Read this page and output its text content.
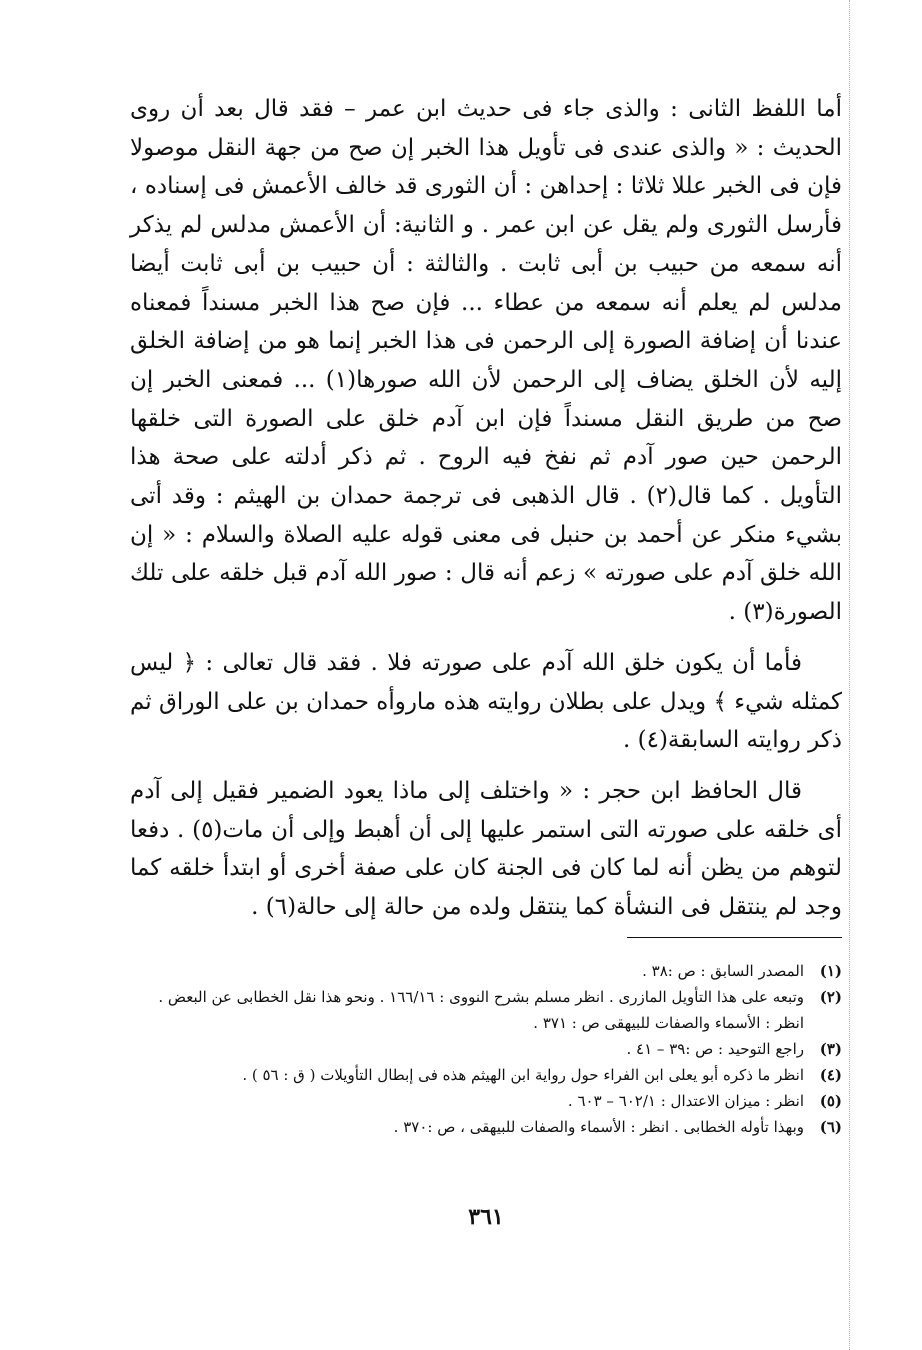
أما اللفظ الثانى : والذى جاء فى حديث ابن عمر – فقد قال بعد أن روى الحديث : « والذى عندى فى تأويل هذا الخبر إن صح من جهة النقل موصولا فإن فى الخبر عللا ثلاثا : إحداهن : أن الثورى قد خالف الأعمش فى إسناده ، فأرسل الثورى ولم يقل عن ابن عمر . و الثانية: أن الأعمش مدلس لم يذكر أنه سمعه من حبيب بن أبى ثابت . والثالثة : أن حبيب بن أبى ثابت أيضا مدلس لم يعلم أنه سمعه من عطاء ... فإن صح هذا الخبر مسنداً فمعناه عندنا أن إضافة الصورة إلى الرحمن فى هذا الخبر إنما هو من إضافة الخلق إليه لأن الخلق يضاف إلى الرحمن لأن الله صورها(١) ... فمعنى الخبر إن صح من طريق النقل مسنداً فإن ابن آدم خلق على الصورة التى خلقها الرحمن حين صور آدم ثم نفخ فيه الروح . ثم ذكر أدلته على صحة هذا التأويل . كما قال(٢) . قال الذهبى فى ترجمة حمدان بن الهيثم : وقد أتى بشيء منكر عن أحمد بن حنبل فى معنى قوله عليه الصلاة والسلام : « إن الله خلق آدم على صورته » زعم أنه قال : صور الله آدم قبل خلقه على تلك الصورة(٣) .

فأما أن يكون خلق الله آدم على صورته فلا . فقد قال تعالى : ﴿ ليس كمثله شيء ﴾ ويدل على بطلان روايته هذه ماروأه حمدان بن على الوراق ثم ذكر روايته السابقة(٤) .

قال الحافظ ابن حجر : « واختلف إلى ماذا يعود الضمير فقيل إلى آدم أى خلقه على صورته التى استمر عليها إلى أن أهبط وإلى أن مات(٥) . دفعا لتوهم من يظن أنه لما كان فى الجنة كان على صفة أخرى أو ابتدأ خلقه كما وجد لم ينتقل فى النشأة كما ينتقل ولده من حالة إلى حالة(٦) .

(١)
المصدر السابق : ص :٣٨ .
(٢)
وتبعه على هذا التأويل المازرى . انظر مسلم بشرح النووى : ١٦٦/١٦ . ونحو هذا نقل الخطابى عن البعض . انظر : الأسماء والصفات للبيهقى ص : ٣٧١ .
(٣)
راجع التوحيد : ص :٣٩ – ٤١ .
(٤)
انظر ما ذكره أبو يعلى ابن الفراء حول رواية ابن الهيثم هذه فى إبطال التأويلات ( ق : ٥٦ ) .
(٥)
انظر : ميزان الاعتدال : ٦٠٢/١ – ٦٠٣ .
(٦)
وبهذا تأوله الخطابى . انظر : الأسماء والصفات للبيهقى ، ص :٣٧٠ .
٣٦١
